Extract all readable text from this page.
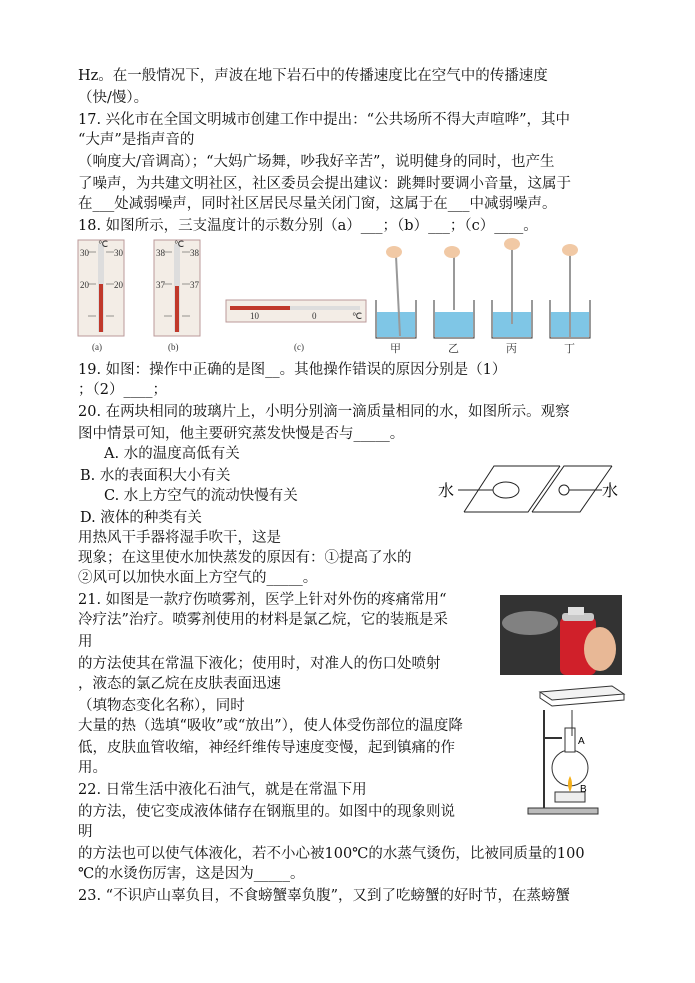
Hz。在一般情况下，声波在地下岩石中的传播速度比在空气中的传播速度
（快/慢）。
17. 兴化市在全国文明城市创建工作中提出：“公共场所不得大声喧哗”，其中
“大声”是指声音的
（响度大/音调高）；“大妈广场舞，吵我好辛苦”，说明健身的同时，也产生
了噪声，为共建文明社区，社区委员会提出建议：跳舞时要调小音量，这属于
在___处减弱噪声，同时社区居民尽量关闭门窗，这属于在___中减弱噪声。
18. 如图所示，三支温度计的示数分别（a）___；（b）___；（c）____。
℃
30	30
20	20
(a)
℃
38	38
37	37
(b)
10	0	℃
(c)	甲	乙	丙	丁
19. 如图：操作中正确的是图__。其他操作错误的原因分别是（1）
；（2）____；
20. 在两块相同的玻璃片上，小明分别滴一滴质量相同的水，如图所示。观察
图中情景可知，他主要研究蒸发快慢是否与_____。
A. 水的温度高低有关
B. 水的表面积大小有关
C. 水上方空气的流动快慢有关
D. 液体的种类有关
水	水
用热风干手器将湿手吹干，这是
现象；在这里使水加快蒸发的原因有：①提高了水的
②风可以加快水面上方空气的_____。
21. 如图是一款疗伤喷雾剂，医学上针对外伤的疼痛常用“
冷疗法”治疗。喷雾剂使用的材料是氯乙烷，它的装瓶是采
用
的方法使其在常温下液化；使用时，对准人的伤口处喷射
，液态的氯乙烷在皮肤表面迅速
（填物态变化名称），同时
大量的热（选填“吸收”或“放出”），使人体受伤部位的温度降
低，皮肤血管收缩，神经纤维传导速度变慢，起到镇痛的作
用。
A
B
22. 日常生活中液化石油气，就是在常温下用
的方法，使它变成液体储存在钢瓶里的。如图中的现象则说
明
的方法也可以使气体液化，若不小心被100℃的水蒸气烫伤，比被同质量的100
℃的水烫伤厉害，这是因为_____。
23. “不识庐山辜负目，不食螃蟹辜负腹”，又到了吃螃蟹的好时节，在蒸螃蟹
